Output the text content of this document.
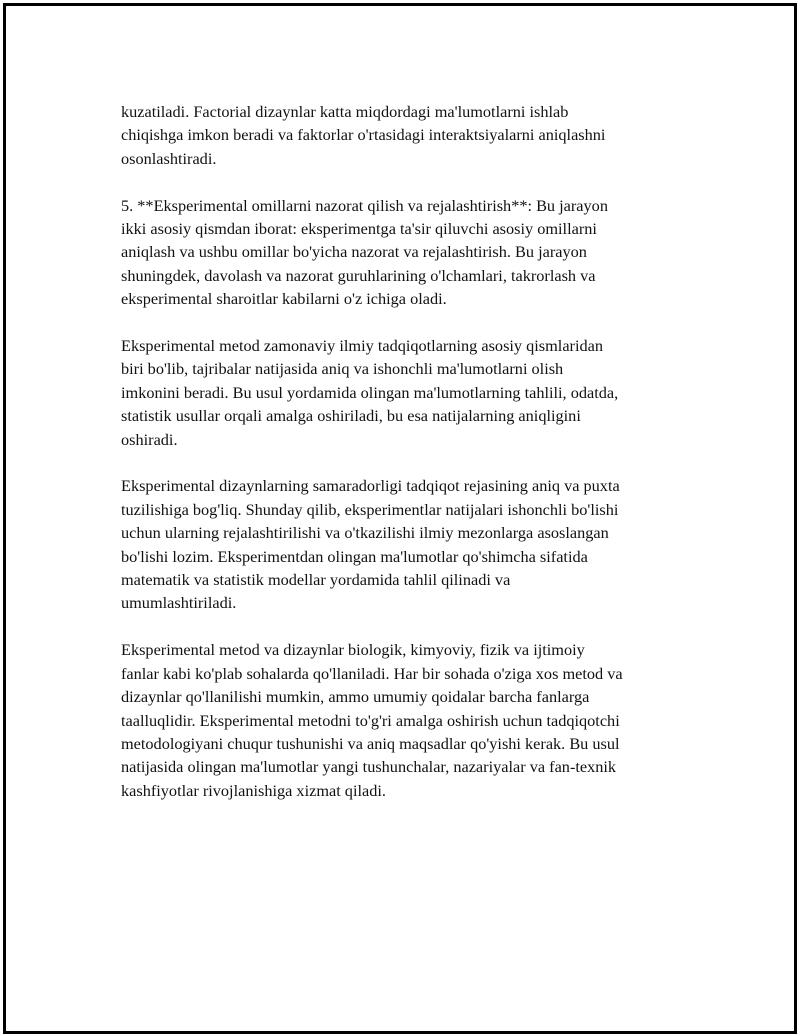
kuzatiladi. Factorial dizaynlar katta miqdordagi ma'lumotlarni ishlab
chiqishga imkon beradi va faktorlar o'rtasidagi interaktsiyalarni aniqlashni
osonlashtiradi.

5. **Eksperimental omillarni nazorat qilish va rejalashtirish**: Bu jarayon
ikki asosiy qismdan iborat: eksperimentga ta'sir qiluvchi asosiy omillarni
aniqlash va ushbu omillar bo'yicha nazorat va rejalashtirish. Bu jarayon
shuningdek, davolash va nazorat guruhlarining o'lchamlari, takrorlash va
eksperimental sharoitlar kabilarni o'z ichiga oladi.

Eksperimental metod zamonaviy ilmiy tadqiqotlarning asosiy qismlaridan
biri bo'lib, tajribalar natijasida aniq va ishonchli ma'lumotlarni olish
imkonini beradi. Bu usul yordamida olingan ma'lumotlarning tahlili, odatda,
statistik usullar orqali amalga oshiriladi, bu esa natijalarning aniqligini
oshiradi.

Eksperimental dizaynlarning samaradorligi tadqiqot rejasining aniq va puxta
tuzilishiga bog'liq. Shunday qilib, eksperimentlar natijalari ishonchli bo'lishi
uchun ularning rejalashtirilishi va o'tkazilishi ilmiy mezonlarga asoslangan
bo'lishi lozim. Eksperimentdan olingan ma'lumotlar qo'shimcha sifatida
matematik va statistik modellar yordamida tahlil qilinadi va
umumlashtiriladi.

Eksperimental metod va dizaynlar biologik, kimyoviy, fizik va ijtimoiy
fanlar kabi ko'plab sohalarda qo'llaniladi. Har bir sohada o'ziga xos metod va
dizaynlar qo'llanilishi mumkin, ammo umumiy qoidalar barcha fanlarga
taalluqlidir. Eksperimental metodni to'g'ri amalga oshirish uchun tadqiqotchi
metodologiyani chuqur tushunishi va aniq maqsadlar qo'yishi kerak. Bu usul
natijasida olingan ma'lumotlar yangi tushunchalar, nazariyalar va fan-texnik
kashfiyotlar rivojlanishiga xizmat qiladi.
